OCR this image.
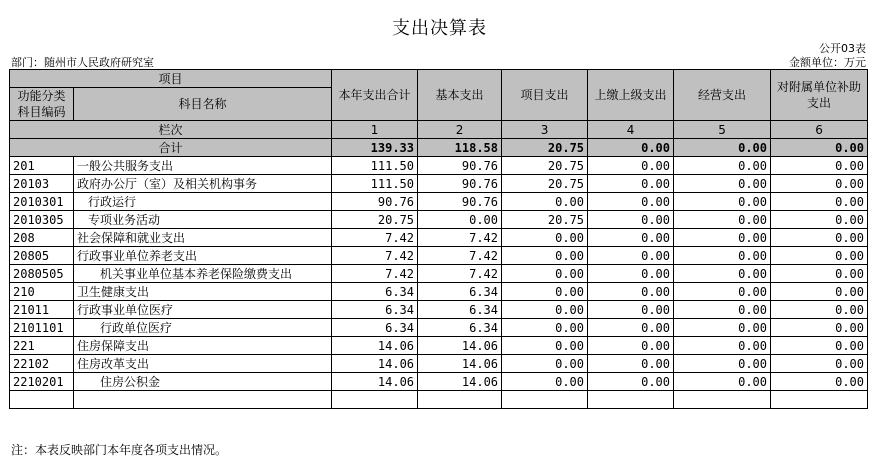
支出决算表
公开03表
部门：随州市人民政府研究室	金额单位：万元
项目		本年支出合计	基本支出	项目支出	上缴上级支出	经营支出	对附属单位补助支出
功能分类科目编码	科目名称						
栏次		1	2	3	4	5	6
合计		139.33	118.58	20.75	0.00	0.00	0.00
201	一般公共服务支出	111.50	90.76	20.75	0.00	0.00	0.00
20103	政府办公厅（室）及相关机构事务	111.50	90.76	20.75	0.00	0.00	0.00
2010301	行政运行	90.76	90.76	0.00	0.00	0.00	0.00
2010305	专项业务活动	20.75	0.00	20.75	0.00	0.00	0.00
208	社会保障和就业支出	7.42	7.42	0.00	0.00	0.00	0.00
20805	行政事业单位养老支出	7.42	7.42	0.00	0.00	0.00	0.00
2080505	机关事业单位基本养老保险缴费支出	7.42	7.42	0.00	0.00	0.00	0.00
210	卫生健康支出	6.34	6.34	0.00	0.00	0.00	0.00
21011	行政事业单位医疗	6.34	6.34	0.00	0.00	0.00	0.00
2101101	行政单位医疗	6.34	6.34	0.00	0.00	0.00	0.00
221	住房保障支出	14.06	14.06	0.00	0.00	0.00	0.00
22102	住房改革支出	14.06	14.06	0.00	0.00	0.00	0.00
2210201	住房公积金	14.06	14.06	0.00	0.00	0.00	0.00

注：本表反映部门本年度各项支出情况。
